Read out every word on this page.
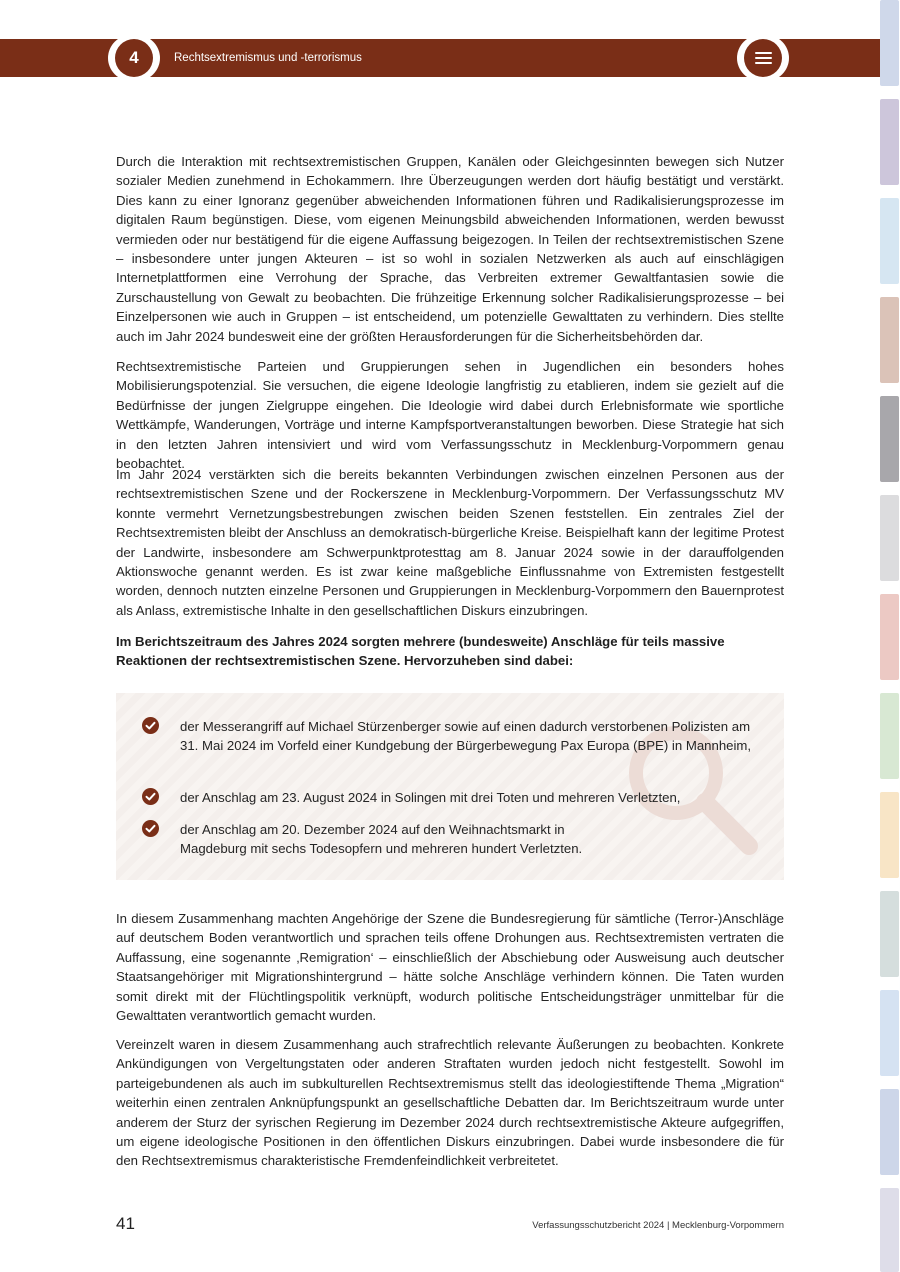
4	Rechtsextremismus und -terrorismus

Durch die Interaktion mit rechtsextremistischen Gruppen, Kanälen oder Gleichgesinnten bewegen sich Nutzer sozialer Medien zunehmend in Echokammern. Ihre Überzeugungen werden dort häufig bestätigt und verstärkt. Dies kann zu einer Ignoranz gegenüber abweichenden Informationen führen und Radikalisierungsprozesse im digitalen Raum begünstigen. Diese, vom eigenen Meinungsbild abweichenden Informationen, werden bewusst vermieden oder nur bestätigend für die eigene Auffassung beigezogen. In Teilen der rechtsextremistischen Szene – insbesondere unter jungen Akteuren – ist so wohl in sozialen Netzwerken als auch auf einschlägigen Internetplattformen eine Verrohung der Sprache, das Verbreiten extremer Gewaltfantasien sowie die Zurschaustellung von Gewalt zu beobachten. Die frühzeitige Erkennung solcher Radikalisierungsprozesse – bei Einzelpersonen wie auch in Gruppen – ist entscheidend, um potenzielle Gewalttaten zu verhindern. Dies stellte auch im Jahr 2024 bundesweit eine der größten Herausforderungen für die Sicherheitsbehörden dar.

Rechtsextremistische Parteien und Gruppierungen sehen in Jugendlichen ein besonders hohes Mobilisierungspotenzial. Sie versuchen, die eigene Ideologie langfristig zu etablieren, indem sie gezielt auf die Bedürfnisse der jungen Zielgruppe eingehen. Die Ideologie wird dabei durch Erlebnisformate wie sportliche Wettkämpfe, Wanderungen, Vorträge und interne Kampfsportveranstaltungen beworben. Diese Strategie hat sich in den letzten Jahren intensiviert und wird vom Verfassungsschutz in Mecklenburg-Vorpommern genau beobachtet.

Im Jahr 2024 verstärkten sich die bereits bekannten Verbindungen zwischen einzelnen Personen aus der rechtsextremistischen Szene und der Rockerszene in Mecklenburg-Vorpommern. Der Verfassungsschutz MV konnte vermehrt Vernetzungsbestrebungen zwischen beiden Szenen feststellen. Ein zentrales Ziel der Rechtsextremisten bleibt der Anschluss an demokratisch-bürgerliche Kreise. Beispielhaft kann der legitime Protest der Landwirte, insbesondere am Schwerpunktprotesttag am 8. Januar 2024 sowie in der darauffolgenden Aktionswoche genannt werden. Es ist zwar keine maßgebliche Einflussnahme von Extremisten festgestellt worden, dennoch nutzten einzelne Personen und Gruppierungen in Mecklenburg-Vorpommern den Bauernprotest als Anlass, extremistische Inhalte in den gesellschaftlichen Diskurs einzubringen.

Im Berichtszeitraum des Jahres 2024 sorgten mehrere (bundesweite) Anschläge für teils massive Reaktionen der rechtsextremistischen Szene. Hervorzuheben sind dabei:

der Messerangriff auf Michael Stürzenberger sowie auf einen dadurch verstorbenen Polizisten am 31. Mai 2024 im Vorfeld einer Kundgebung der Bürgerbewegung Pax Europa (BPE) in Mannheim,

der Anschlag am 23. August 2024 in Solingen mit drei Toten und mehreren Verletzten,

der Anschlag am 20. Dezember 2024 auf den Weihnachtsmarkt in Magdeburg mit sechs Todesopfern und mehreren hundert Verletzten.

In diesem Zusammenhang machten Angehörige der Szene die Bundesregierung für sämtliche (Terror-)Anschläge auf deutschem Boden verantwortlich und sprachen teils offene Drohungen aus. Rechtsextremisten vertraten die Auffassung, eine sogenannte ‚Remigration‘ – einschließlich der Abschiebung oder Ausweisung auch deutscher Staatsangehöriger mit Migrationshintergrund – hätte solche Anschläge verhindern können. Die Taten wurden somit direkt mit der Flüchtlingspolitik verknüpft, wodurch politische Entscheidungsträger unmittelbar für die Gewalttaten verantwortlich gemacht wurden.

Vereinzelt waren in diesem Zusammenhang auch strafrechtlich relevante Äußerungen zu beobachten. Konkrete Ankündigungen von Vergeltungstaten oder anderen Straftaten wurden jedoch nicht festgestellt. Sowohl im parteigebundenen als auch im subkulturellen Rechtsextremismus stellt das ideologiestiftende Thema „Migration“ weiterhin einen zentralen Anknüpfungspunkt an gesellschaftliche Debatten dar. Im Berichtszeitraum wurde unter anderem der Sturz der syrischen Regierung im Dezember 2024 durch rechtsextremistische Akteure aufgegriffen, um eigene ideologische Positionen in den öffentlichen Diskurs einzubringen. Dabei wurde insbesondere die für den Rechtsextremismus charakteristische Fremdenfeindlichkeit verbreitetet.

41	Verfassungsschutzbericht 2024 | Mecklenburg-Vorpommern
